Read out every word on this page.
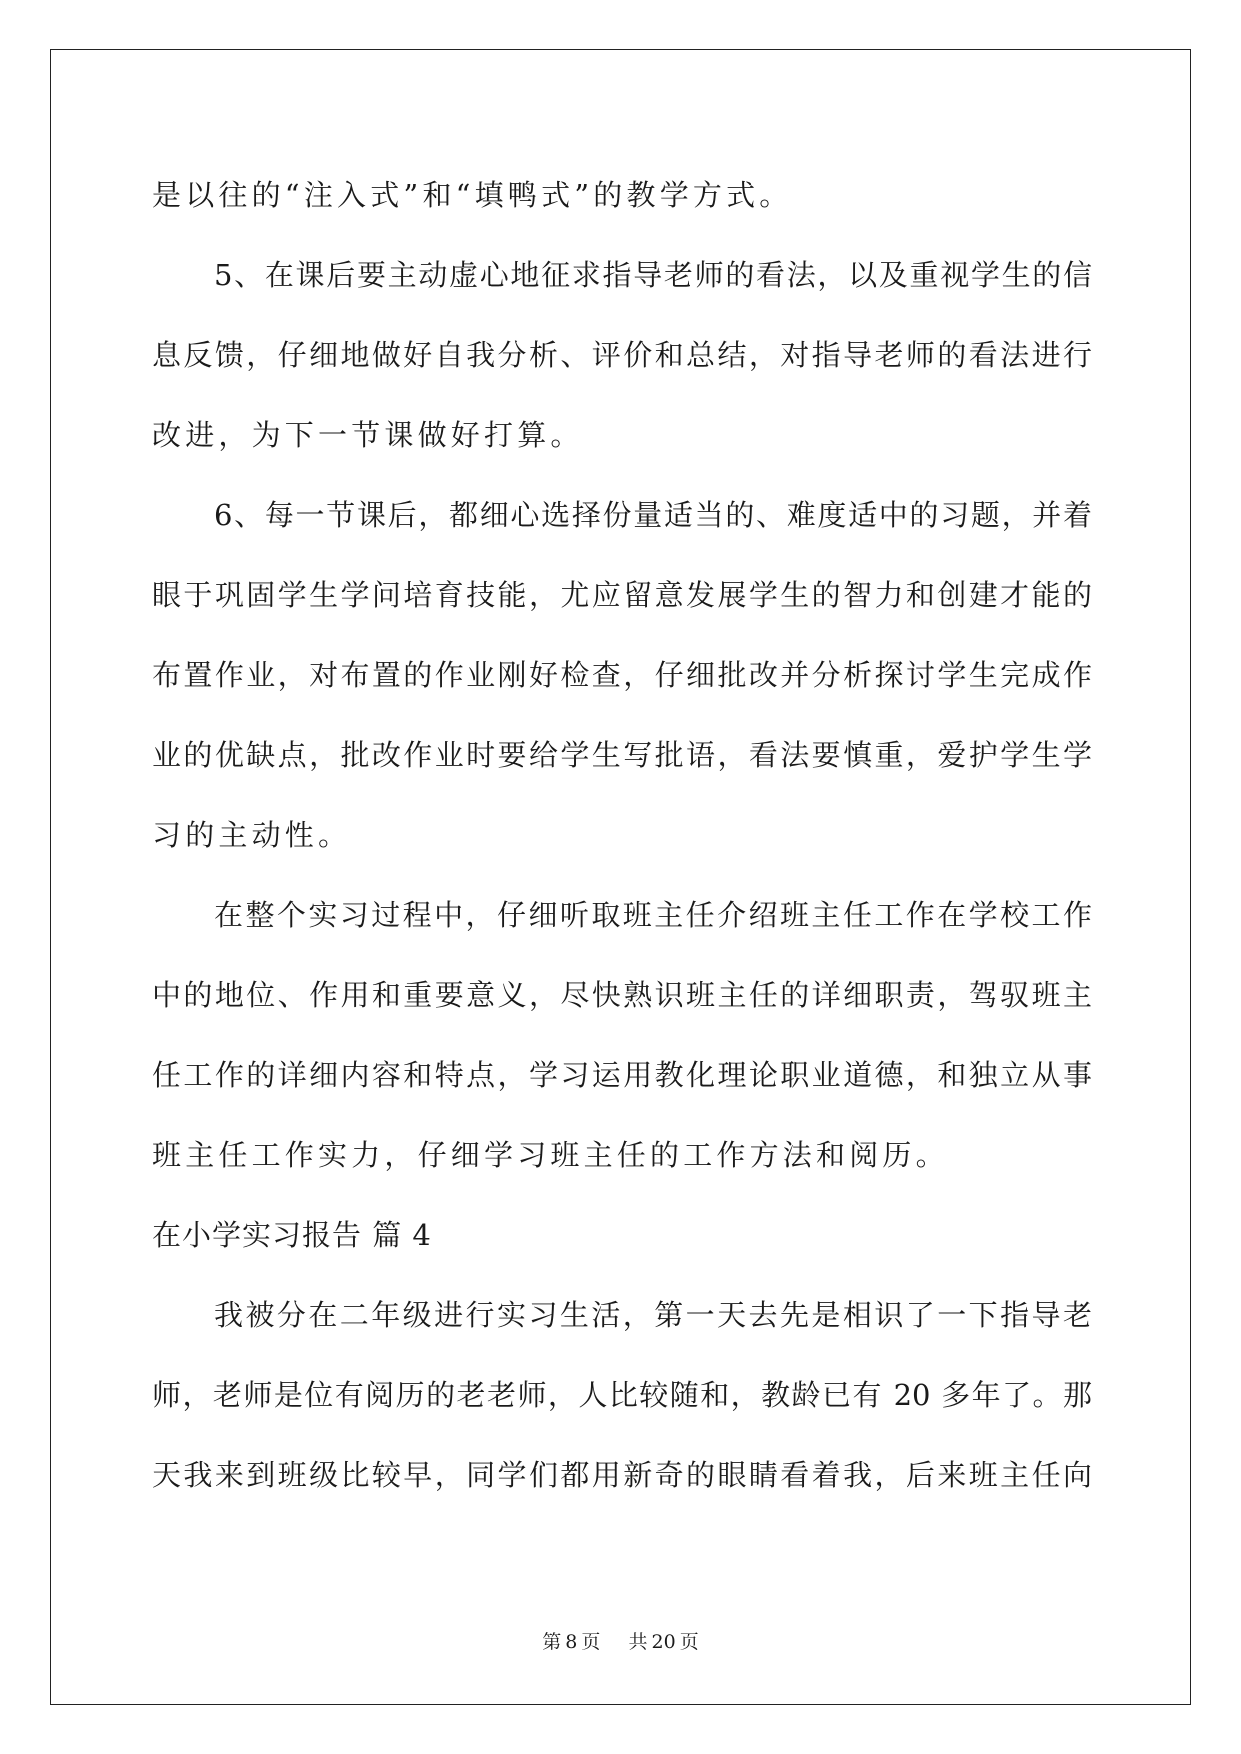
是以往的“注入式”和“填鸭式”的教学方式。

5、在课后要主动虚心地征求指导老师的看法，以及重视学生的信

息反馈，仔细地做好自我分析、评价和总结，对指导老师的看法进行

改进，为下一节课做好打算。

6、每一节课后，都细心选择份量适当的、难度适中的习题，并着

眼于巩固学生学问培育技能，尤应留意发展学生的智力和创建才能的

布置作业，对布置的作业刚好检查，仔细批改并分析探讨学生完成作

业的优缺点，批改作业时要给学生写批语，看法要慎重，爱护学生学

习的主动性。

在整个实习过程中，仔细听取班主任介绍班主任工作在学校工作

中的地位、作用和重要意义，尽快熟识班主任的详细职责，驾驭班主

任工作的详细内容和特点，学习运用教化理论职业道德，和独立从事

班主任工作实力，仔细学习班主任的工作方法和阅历。

在小学实习报告 篇 4

我被分在二年级进行实习生活，第一天去先是相识了一下指导老

师，老师是位有阅历的老老师，人比较随和，教龄已有 20 多年了。那

天我来到班级比较早，同学们都用新奇的眼睛看着我，后来班主任向

第 8 页 共 20 页
